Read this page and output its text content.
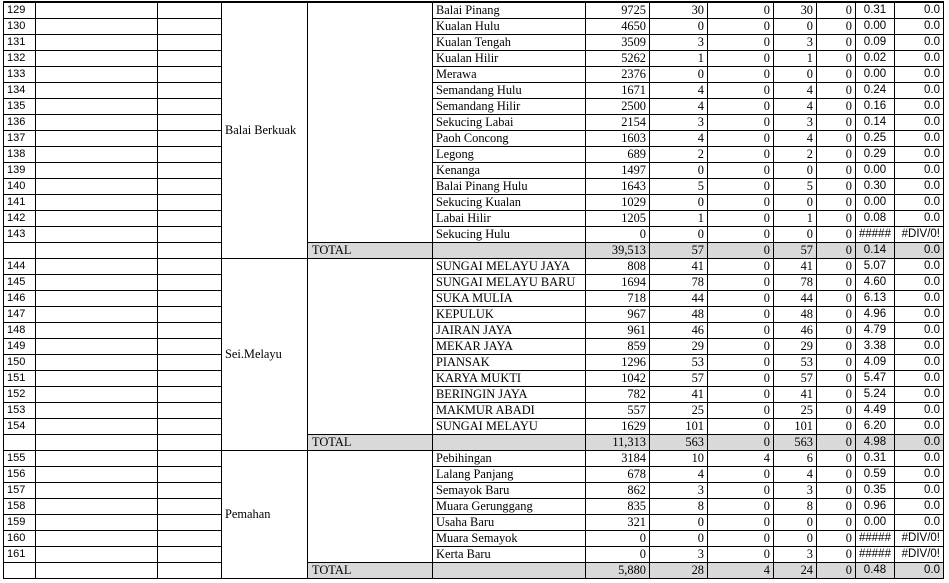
129			Balai Berkuak		Balai Pinang	9725	30	0	30	0	0.31	0.0
130					Kualan Hulu	4650	0	0	0	0	0.00	0.0
131					Kualan Tengah	3509	3	0	3	0	0.09	0.0
132					Kualan Hilir	5262	1	0	1	0	0.02	0.0
133					Merawa	2376	0	0	0	0	0.00	0.0
134					Semandang Hulu	1671	4	0	4	0	0.24	0.0
135					Semandang Hilir	2500	4	0	4	0	0.16	0.0
136					Sekucing Labai	2154	3	0	3	0	0.14	0.0
137					Paoh Concong	1603	4	0	4	0	0.25	0.0
138					Legong	689	2	0	2	0	0.29	0.0
139					Kenanga	1497	0	0	0	0	0.00	0.0
140					Balai Pinang Hulu	1643	5	0	5	0	0.30	0.0
141					Sekucing Kualan	1029	0	0	0	0	0.00	0.0
142					Labai Hilir	1205	1	0	1	0	0.08	0.0
143					Sekucing Hulu	0	0	0	0	0	#####	#DIV/0!
				TOTAL		39,513	57	0	57	0	0.14	0.0
144			Sei.Melayu		SUNGAI MELAYU JAYA	808	41	0	41	0	5.07	0.0
145					SUNGAI MELAYU BARU	1694	78	0	78	0	4.60	0.0
146					SUKA MULIA	718	44	0	44	0	6.13	0.0
147					KEPULUK	967	48	0	48	0	4.96	0.0
148					JAIRAN JAYA	961	46	0	46	0	4.79	0.0
149					MEKAR JAYA	859	29	0	29	0	3.38	0.0
150					PIANSAK	1296	53	0	53	0	4.09	0.0
151					KARYA MUKTI	1042	57	0	57	0	5.47	0.0
152					BERINGIN JAYA	782	41	0	41	0	5.24	0.0
153					MAKMUR ABADI	557	25	0	25	0	4.49	0.0
154					SUNGAI MELAYU	1629	101	0	101	0	6.20	0.0
				TOTAL		11,313	563	0	563	0	4.98	0.0
155			Pemahan		Pebihingan	3184	10	4	6	0	0.31	0.0
156					Lalang Panjang	678	4	0	4	0	0.59	0.0
157					Semayok Baru	862	3	0	3	0	0.35	0.0
158					Muara Gerunggang	835	8	0	8	0	0.96	0.0
159					Usaha Baru	321	0	0	0	0	0.00	0.0
160					Muara Semayok	0	0	0	0	0	#####	#DIV/0!
161					Kerta Baru	0	3	0	3	0	#####	#DIV/0!
				TOTAL		5,880	28	4	24	0	0.48	0.0
